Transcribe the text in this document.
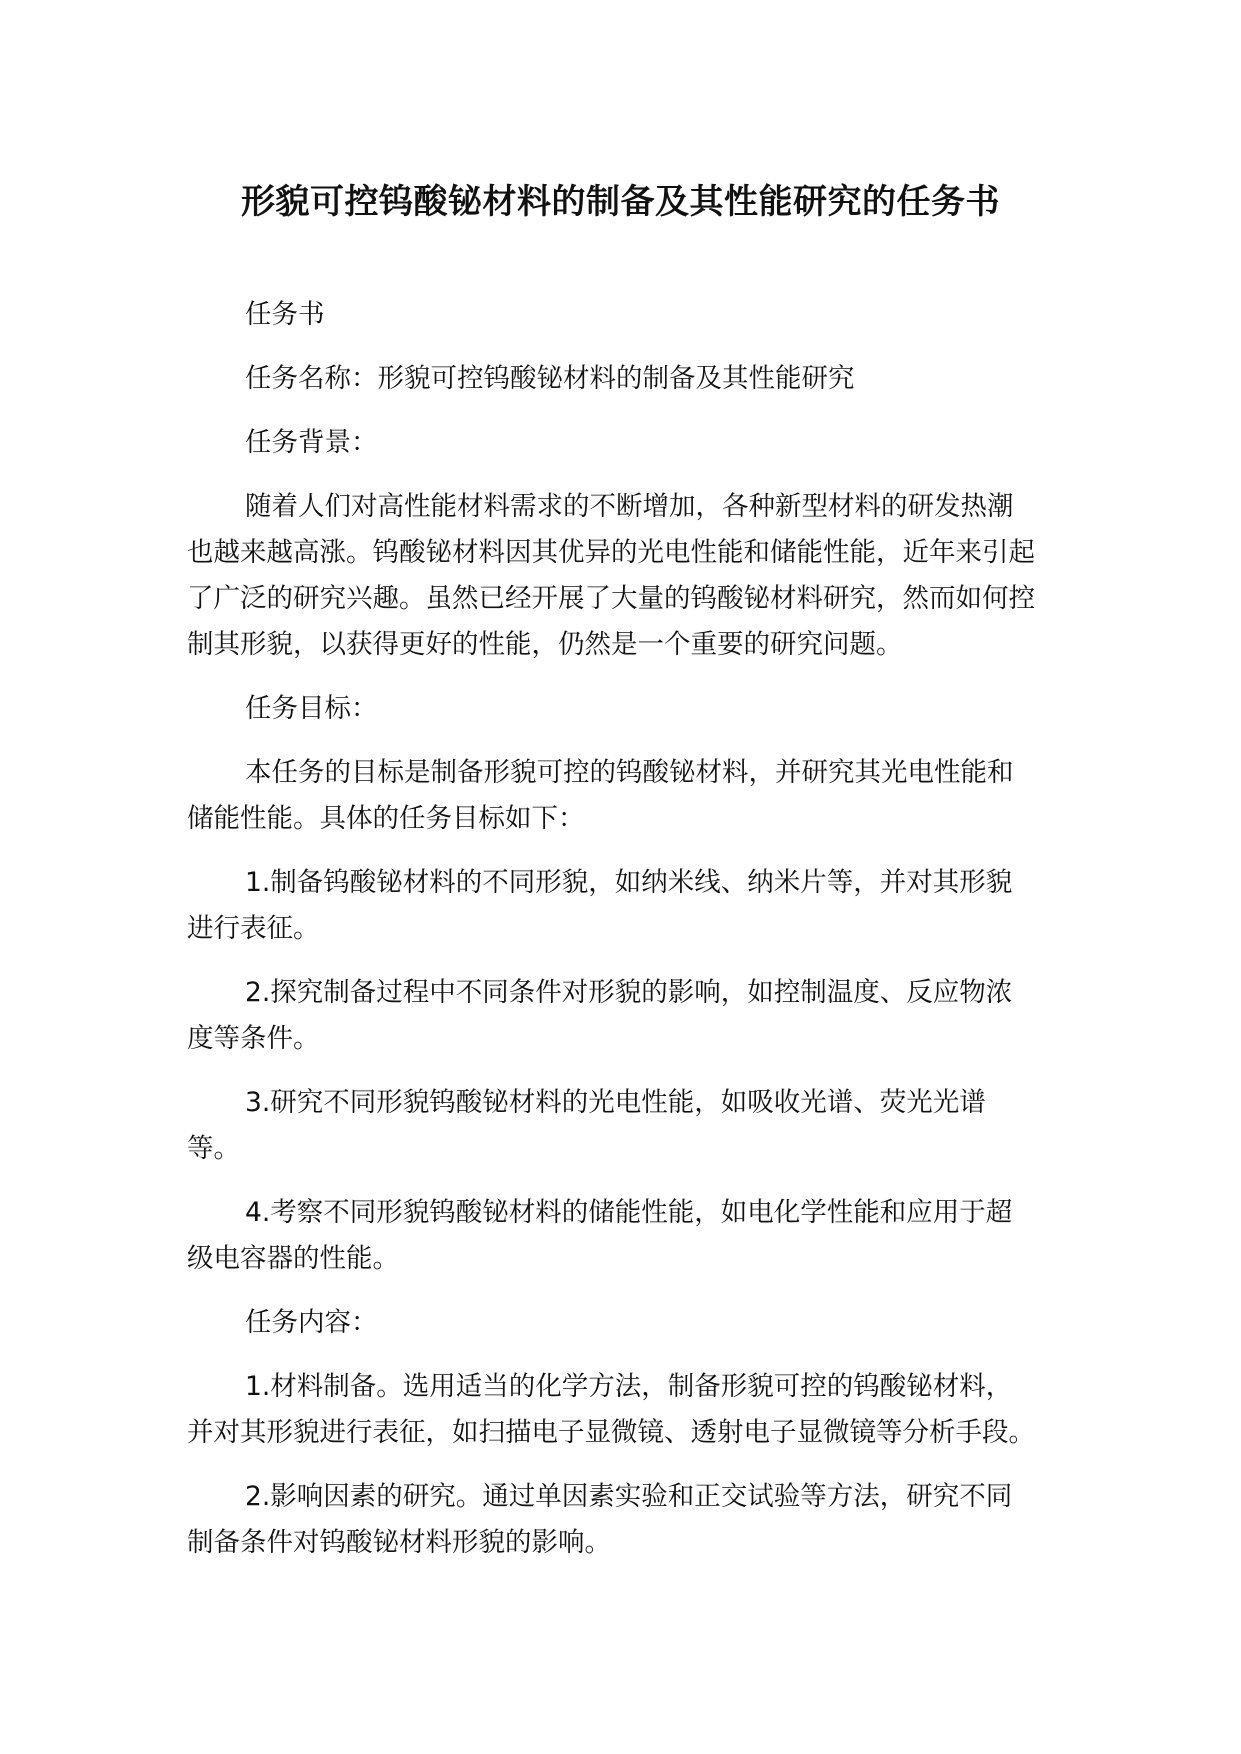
形貌可控钨酸铋材料的制备及其性能研究的任务书

任务书

任务名称：形貌可控钨酸铋材料的制备及其性能研究

任务背景：

随着人们对高性能材料需求的不断增加，各种新型材料的研发热潮也越来越高涨。钨酸铋材料因其优异的光电性能和储能性能，近年来引起了广泛的研究兴趣。虽然已经开展了大量的钨酸铋材料研究，然而如何控制其形貌，以获得更好的性能，仍然是一个重要的研究问题。

任务目标：

本任务的目标是制备形貌可控的钨酸铋材料，并研究其光电性能和储能性能。具体的任务目标如下：

1.制备钨酸铋材料的不同形貌，如纳米线、纳米片等，并对其形貌进行表征。

2.探究制备过程中不同条件对形貌的影响，如控制温度、反应物浓度等条件。

3.研究不同形貌钨酸铋材料的光电性能，如吸收光谱、荧光光谱等。

4.考察不同形貌钨酸铋材料的储能性能，如电化学性能和应用于超级电容器的性能。

任务内容：

1.材料制备。选用适当的化学方法，制备形貌可控的钨酸铋材料，并对其形貌进行表征，如扫描电子显微镜、透射电子显微镜等分析手段。

2.影响因素的研究。通过单因素实验和正交试验等方法，研究不同制备条件对钨酸铋材料形貌的影响。
